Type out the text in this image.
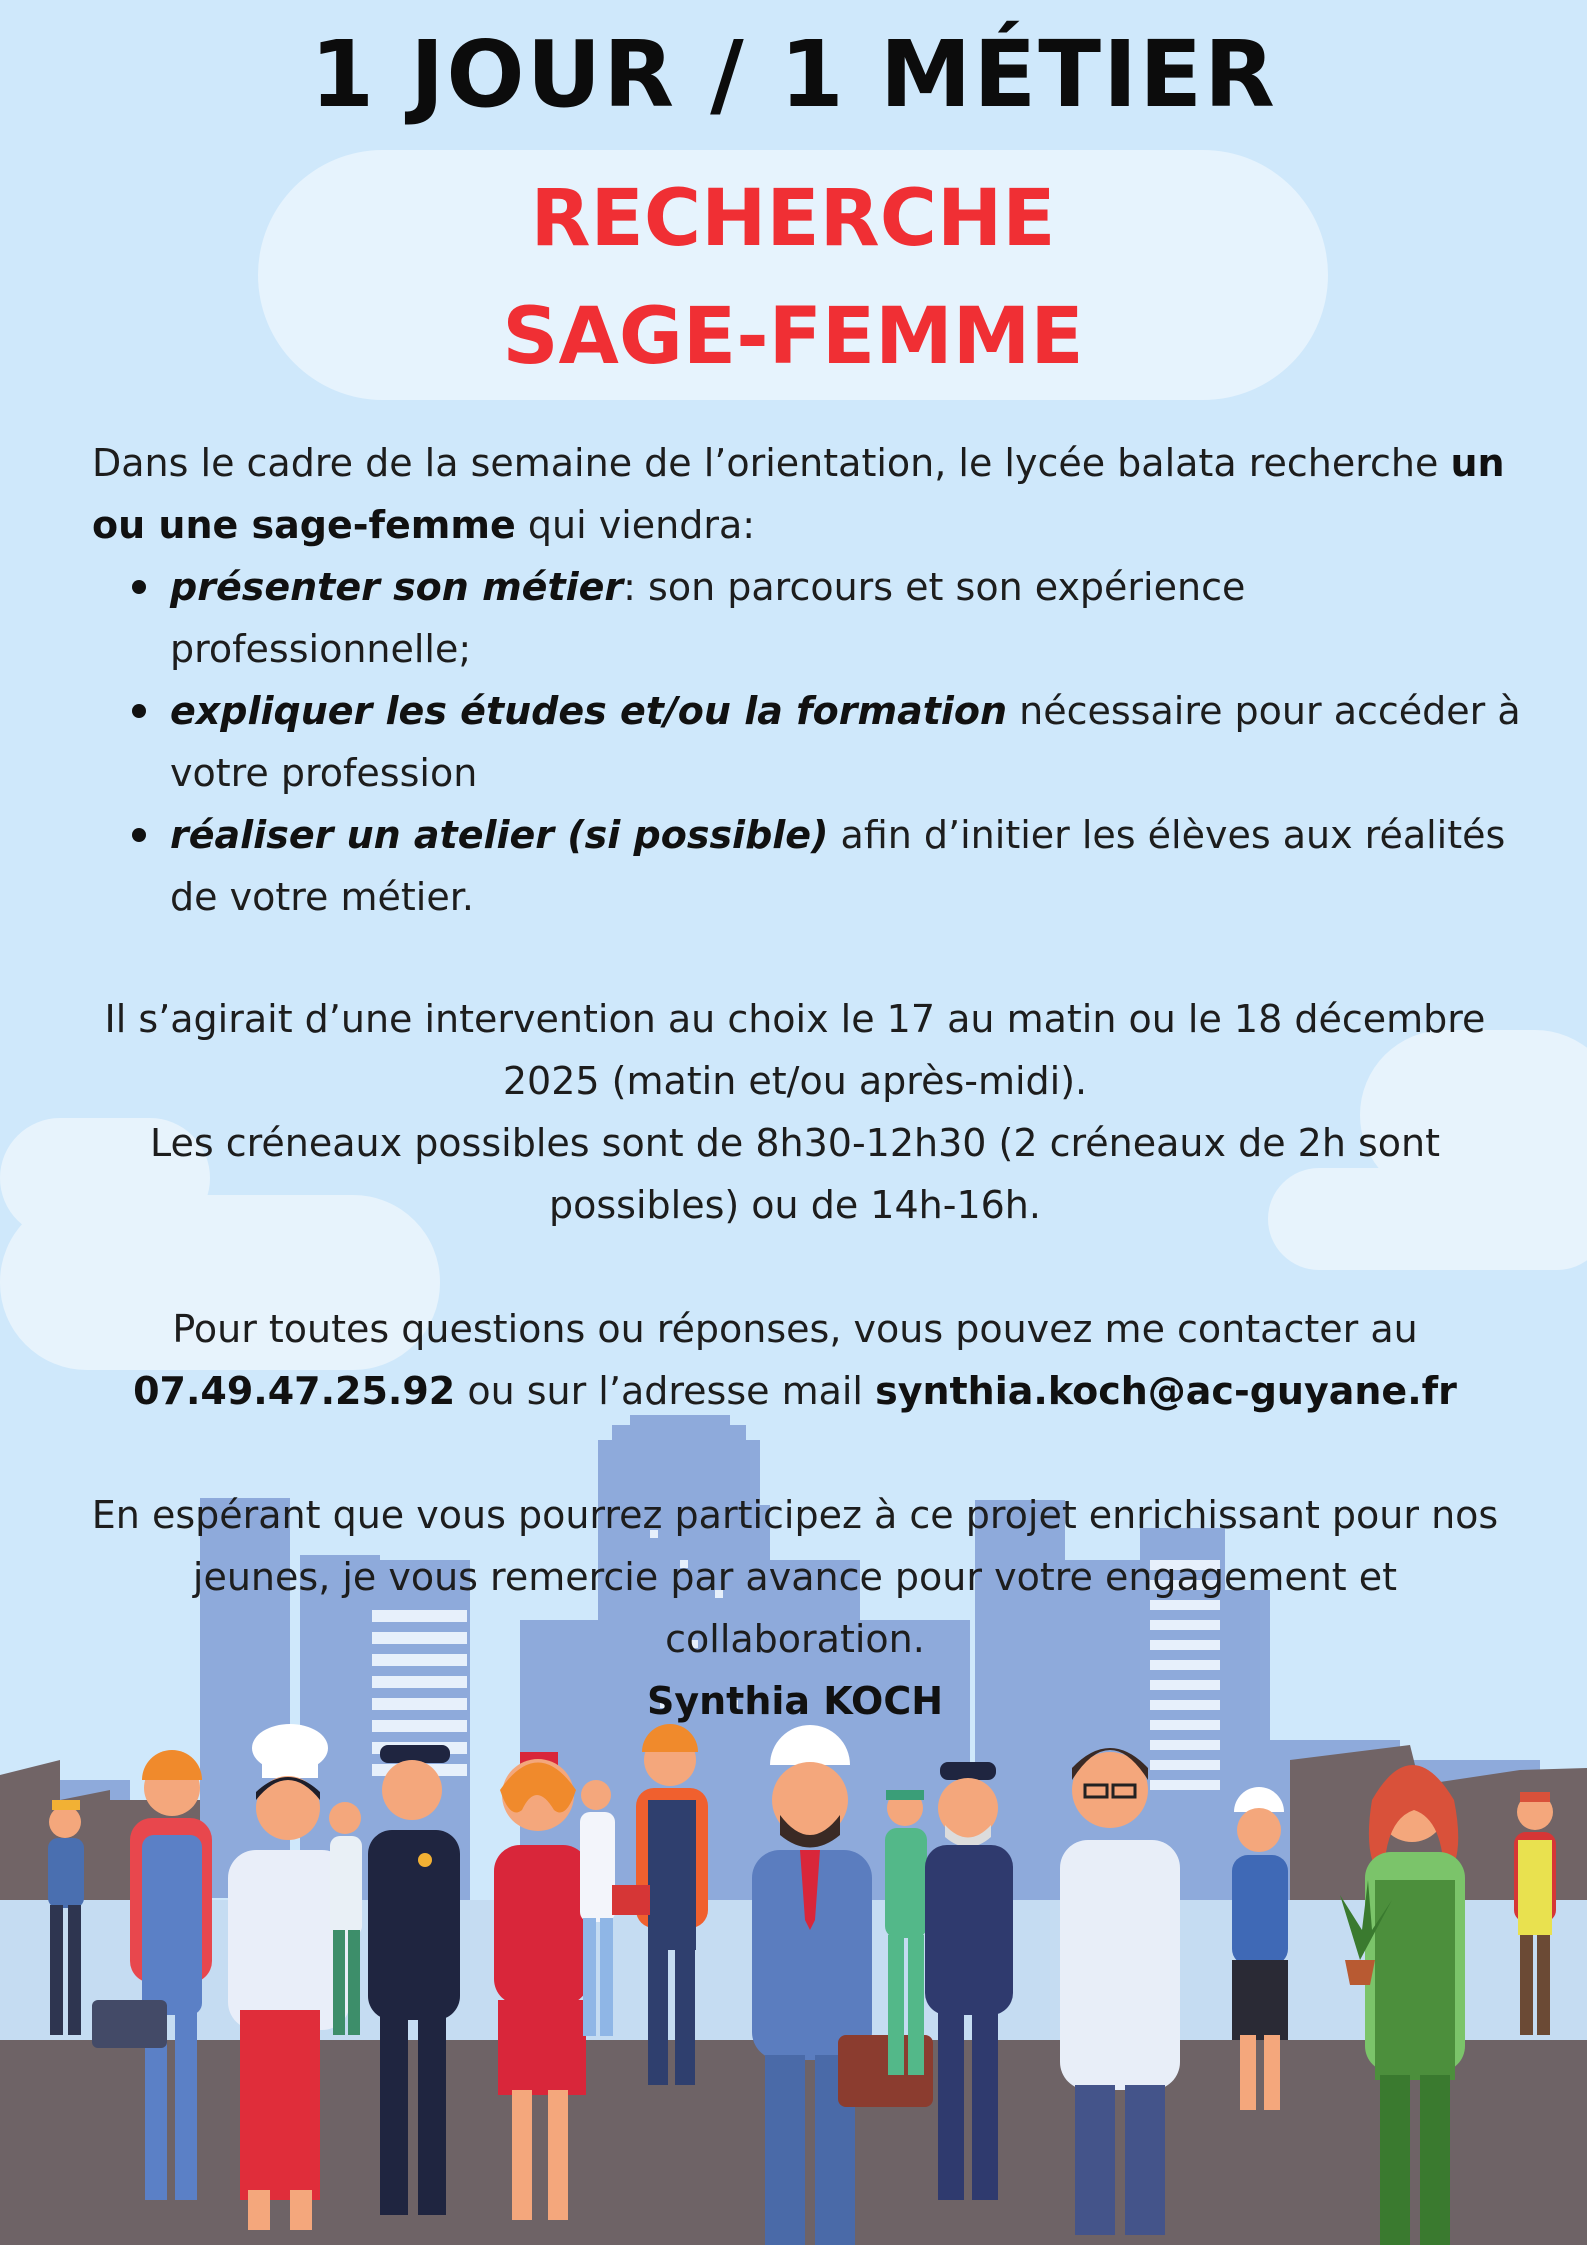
1 JOUR / 1 MÉTIER
RECHERCHE
SAGE-FEMME
Dans le cadre de la semaine de l’orientation, le lycée balata recherche un ou une sage-femme qui viendra:
présenter son métier: son parcours et son expérience professionnelle;
expliquer les études et/ou la formation nécessaire pour accéder à votre profession
réaliser un atelier (si possible) afin d’initier les élèves aux réalités de votre métier.
Il s’agirait d’une intervention au choix le 17 au matin ou le 18 décembre 2025 (matin et/ou après-midi).
Les créneaux possibles sont de 8h30-12h30 (2 créneaux de 2h sont possibles) ou de 14h-16h.
Pour toutes questions ou réponses, vous pouvez me contacter au 07.49.47.25.92 ou sur l’adresse mail synthia.koch@ac-guyane.fr
En espérant que vous pourrez participez à ce projet enrichissant pour nos jeunes, je vous remercie par avance pour votre engagement et collaboration.
Synthia KOCH
